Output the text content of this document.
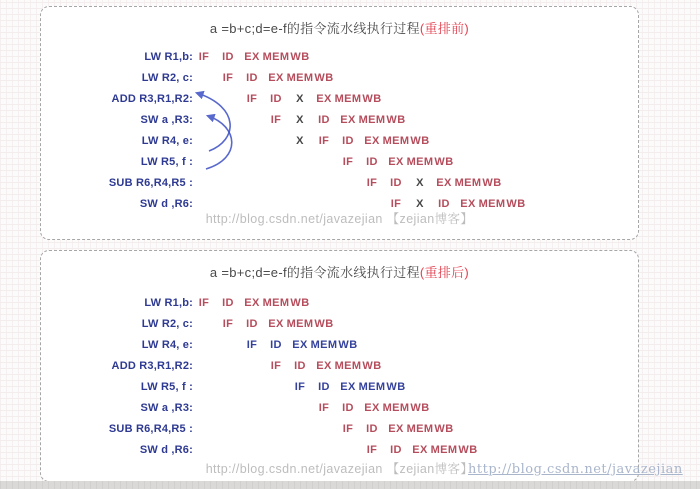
a =b+c;d=e-f的指令流水线执行过程(重排前)
LW R1,b: IF ID EX MEM WB
LW R2, c:	IF ID EX MEM WB
ADD R3,R1,R2:	IF ID X EX MEM WB
SW a ,R3:	IF X ID EX MEM WB
LW R4, e:	X IF ID EX MEM WB
LW R5, f :	IF ID EX MEM WB
SUB R6,R4,R5 :	IF ID X EX MEM WB
SW d ,R6:	IF X ID EX MEM WB
http://blog.csdn.net/javazejian 【zejian博客】
a =b+c;d=e-f的指令流水线执行过程(重排后)
LW R1,b: IF ID EX MEM WB
LW R2, c:	IF ID EX MEM WB
LW R4, e:	IF ID EX MEM WB
ADD R3,R1,R2:	IF ID EX MEM WB
LW R5, f :	IF ID EX MEM WB
SW a ,R3:	IF ID EX MEM WB
SUB R6,R4,R5 :	IF ID EX MEM WB
SW d ,R6:	IF ID EX MEM WB
http://blog.csdn.net/javazejian 【zejian博客】
http://blog.csdn.net/javazejian
